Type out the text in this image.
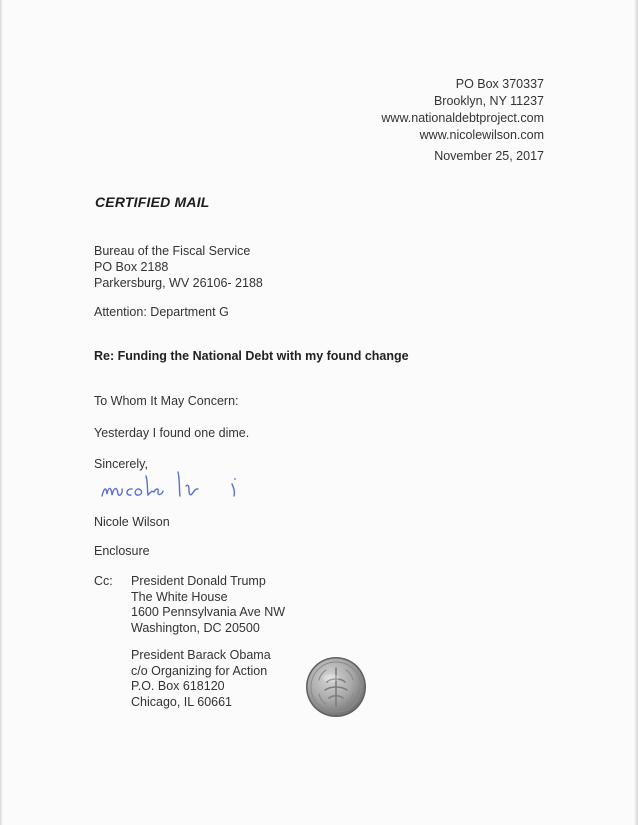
PO Box 370337
Brooklyn, NY 11237
www.nationaldebtproject.com
www.nicolewilson.com
November 25, 2017
CERTIFIED MAIL
Bureau of the Fiscal Service
PO Box 2188
Parkersburg, WV 26106- 2188
Attention: Department G
Re: Funding the National Debt with my found change
To Whom It May Concern:
Yesterday I found one dime.
Sincerely,
Nicole Wilson
Enclosure
Cc: President Donald Trump
The White House
1600 Pennsylvania Ave NW
Washington, DC 20500
President Barack Obama
c/o Organizing for Action
P.O. Box 618120
Chicago, IL 60661
